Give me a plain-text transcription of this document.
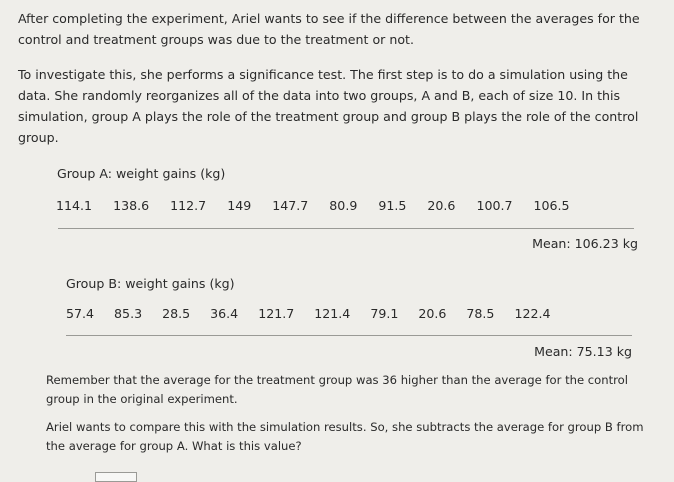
After completing the experiment, Ariel wants to see if the difference between the averages for the control and treatment groups was due to the treatment or not.

To investigate this, she performs a significance test. The first step is to do a simulation using the data. She randomly reorganizes all of the data into two groups, A and B, each of size 10. In this simulation, group A plays the role of the treatment group and group B plays the role of the control group.

Group A: weight gains (kg)
114.1 138.6 112.7 149 147.7 80.9 91.5 20.6 100.7 106.5
Mean: 106.23 kg
Group B: weight gains (kg)
57.4 85.3 28.5 36.4 121.7 121.4 79.1 20.6 78.5 122.4
Mean: 75.13 kg

Remember that the average for the treatment group was 36 higher than the average for the control group in the original experiment.

Ariel wants to compare this with the simulation results. So, she subtracts the average for group B from the average for group A. What is this value?
